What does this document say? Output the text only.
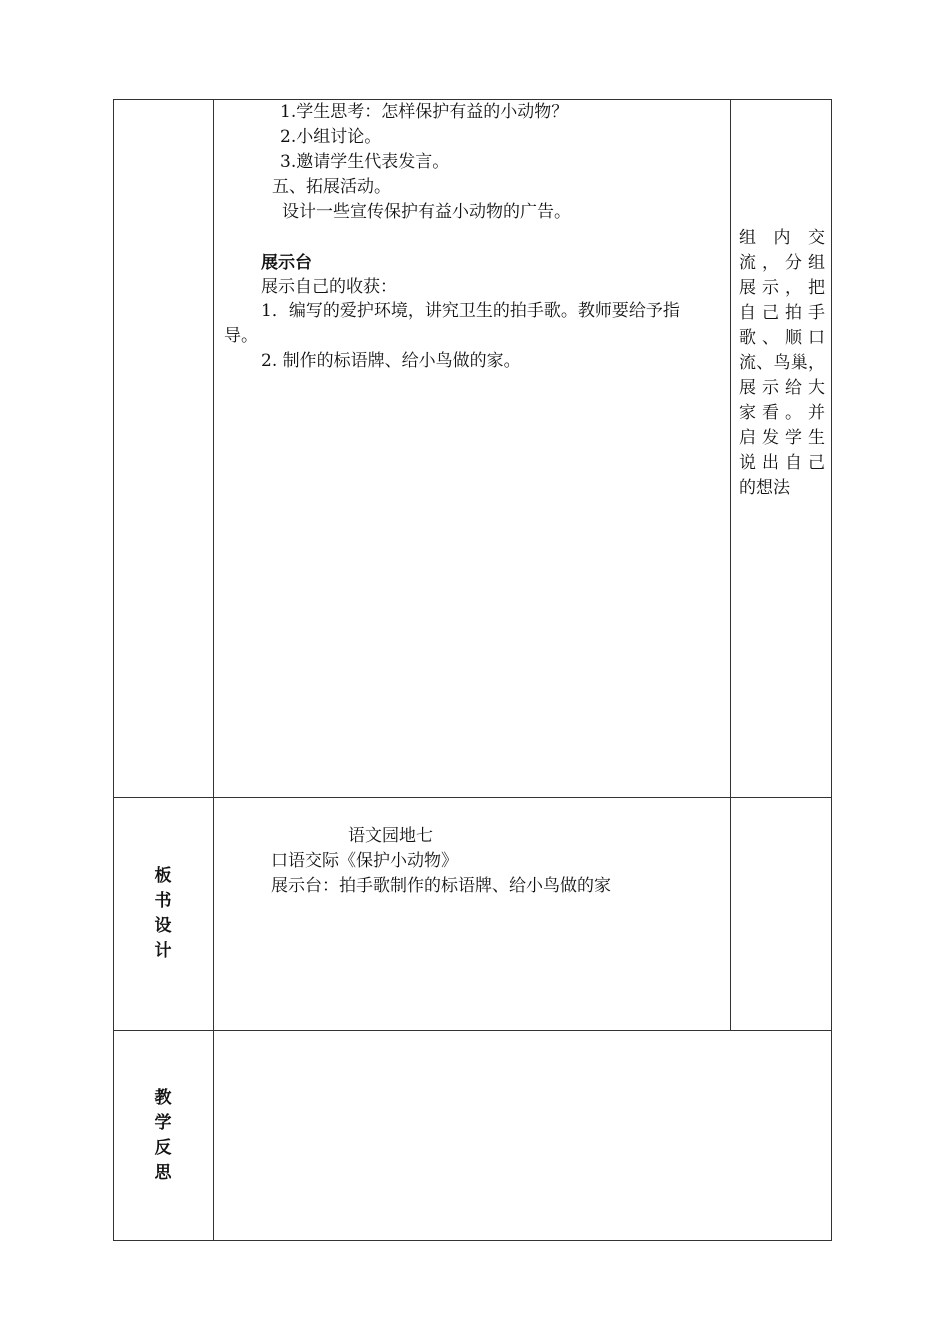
1.学生思考：怎样保护有益的小动物？
2.小组讨论。
3.邀请学生代表发言。
五、拓展活动。
设计一些宣传保护有益小动物的广告。
展示台
展示自己的收获：
1．编写的爱护环境，讲究卫生的拍手歌。教师要给予指
导。
2. 制作的标语牌、给小鸟做的家。
组 内 交
流，分组
展示，把
自己拍手
歌、顺口
流、鸟巢，
展示给大
家看。并
启发学生
说出自己
的想法
板
书
设
计
语文园地七
口语交际《保护小动物》
展示台：拍手歌制作的标语牌、给小鸟做的家
教
学
反
思
